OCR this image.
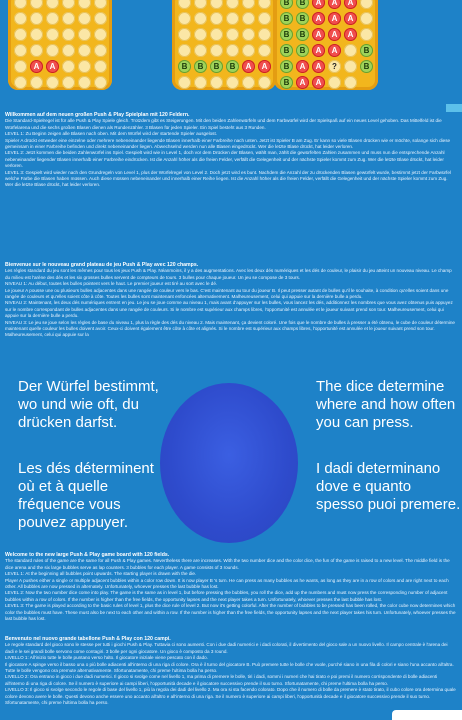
A	A	B	B	B	B	A	A
B	B	A	A	A
B	B	A	A	A
B	B	A	A	A
B	B	A	A	B
B	A	A	?	B
B	A	A
Willkommen auf dem neuen großen Push & Play Spielplan mit 120 Feldern.

Die Standard-Spielregel ist für alle Push & Play Spiele gleich. Trotzdem gibt es Steigerungen. Mit den beiden Zahlenwürfeln und dem Farbwürfel wird der Spielspaß auf ein neues Level gehoben. Das Mittelfeld ist die Würfelarena und die sechs großen Blasen dienen als Rundenzähler. 3 Blasen für jeden Spieler. Ein Spiel besteht aus 3 Runden.

LEVEL 1: Zu Beginn zeigen alle Blasen nach oben. Mit dem Würfel wird der startende Spieler ausgelost.

Spieler A drückt entweder eine einzelne oder mehrere nebeneinander liegende Blasen innerhalb einer Farbreihe nach unten. Jetzt ist Spieler B am Zug. Er kann so viele Blasen drücken wie er möchte, solange sich diese gemeinsam in einer Farbreihe befinden und direkt nebeneinander liegen. Abwechselnd werden nun alle Blasen eingedrückt. Wer die letzte Blase drückt, hat leider verloren.

LEVEL 2: Jetzt kommen die beiden Zahlenwürfel ins Spiel. Gespielt wird wie in Level 1, doch vor dem Drücken der Blasen, wählt man, zählt die gewürfelten Zahlen zusammen und muss nun die entsprechende Anzahl nebeneinander liegender Blasen innerhalb einer Farbreihe eindrücken. Ist die Anzahl höher als die freien Felder, verfällt die Gelegenheit und der nächste Spieler kommt zum Zug. Wer die letzte Blase drückt, hat leider verloren.

LEVEL 3: Gespielt wird wieder nach den Grundregeln von Level 1, plus der Würfelregel von Level 2. Doch jetzt wird es bunt. Nachdem die Anzahl der zu drückenden Blasen gewürfelt wurde, bestimmt jetzt der Farbwürfel welche Farbe die Blasen haben müssen. Auch diese müssen nebeneinander und innerhalb einer Reihe liegen. Ist die Anzahl höher als die freien Felder, verfällt die Gelegenheit und der nächste Spieler kommt zum Zug. Wer die letzte Blase drückt, hat leider verloren.

Bienvenue sur le nouveau grand plateau de jeu Push & Play avec 120 champs.

Les règles standard du jeu sont les mêmes pour tous les jeux Push & Play. Néanmoins, il y a des augmentations. Avec les deux dés numériques et les dés de couleur, le plaisir du jeu atteint un nouveau niveau. Le champ du milieu est l'arène des dés et les six grosses bulles servent de compteurs de tours. 3 bulles pour chaque joueur. Un jeu se compose de 3 tours.

NIVEAU 1: Au début, toutes les bulles pointent vers le haut. Le premier joueur est tiré au sort avec le dé.

Le joueur A pousse une ou plusieurs bulles adjacentes dans une rangée de couleur vers le bas. C'est maintenant au tour du joueur B. Il peut presser autant de bulles qu'il le souhaite, à condition qu'elles soient dans une rangée de couleurs et qu'elles soient côte à côte. Toutes les bulles sont maintenant enfoncées alternativement. Malheureusement, celui qui appuie sur la dernière bulle a perdu.

NIVEAU 2: Maintenant, les deux dés numériques entrent en jeu. Le jeu se joue comme au niveau 1, mais avant d'appuyer sur les bulles, vous lancez les dés, additionnez les nombres que vous avez obtenus puis appuyez sur le nombre correspondant de bulles adjacentes dans une rangée de couleurs. Si le nombre est supérieur aux champs libres, l'opportunité est annulée et le joueur suivant prend son tour. Malheureusement, celui qui appuie sur la dernière bulle a perdu.

NIVEAU 3: Le jeu se joue selon les règles de base du niveau 1, plus la règle des dés du niveau 2. Mais maintenant, ça devient coloré. Une fois que le nombre de bulles à presser a été obtenu, le cube de couleur détermine maintenant quelle couleur les bulles doivent avoir. Ceux-ci doivent également être côte à côte et alignés. Si le nombre est supérieur aux champs libres, l'opportunité est annulée et le joueur suivant prend son tour. Malheureusement, celui qui appuie sur la

Der Würfel bestimmt, wo und wie oft, du drücken darfst.
Les dés déterminent où et à quelle fréquence vous pouvez appuyer.
The dice determine where and how often you can press.
I dadi determinano dove e quanto spesso puoi premere.
Welcome to the new large Push & Play game board with 120 fields.

The standard rules of the game are the same for all Push & Play games. Nevertheless there are increases. With the two number dice and the color dice, the fun of the game is raised to a new level. The middle field is the dice arena and the six large bubbles serve as lap counters. 3 bubbles for each player. A game consists of 3 rounds.

LEVEL 1: At the beginning all bubbles point upwards. The starting player is drawn with the die.

Player A pushes either a single or multiple adjacent bubbles within a color row down. It is now player B 's turn. He can press as many bubbles as he wants, as long as they are in a row of colors and are right next to each other. All bubbles are now pressed in alternately. Unfortunately, whoever presses the last bubble has lost.

LEVEL 2: Now the two number dice come into play. The game is the same as in level 1, but before pressing the bubbles, you roll the dice, add up the numbers and must now press the corresponding number of adjacent bubbles within a row of colors. If the number is higher than the free fields, the opportunity lapses and the next player takes a turn. Unfortunately, whoever presses the last bubble has lost.

LEVEL 3: The game is played according to the basic rules of level 1, plus the dice rule of level 2. But now it's getting colorful. After the number of bubbles to be pressed has been rolled, the color cube now determines which color the bubbles must have. These must also be next to each other and within a row. If the number is higher than the free fields, the opportunity lapses and the next player takes his turn. Unfortunately, whoever presses the last bubble has lost.

Benvenuto nel nuovo grande tabellone Push & Play con 120 campi.

Le regole standard del gioco sono le stesse per tutti i giochi Push & Play. Tuttavia ci sono aumenti. Con i due dadi numerici e i dadi colorati, il divertimento del gioco sale a un nuovo livello. Il campo centrale è l'arena dei dadi e le sei grandi bolle servono come contagiri. 3 bolle per ogni giocatore. Un gioco è composto da 3 round.

LIVELLO 1: All'inizio tutte le bolle puntano verso l'alto. Il giocatore iniziale viene pescato con il dado.

Il giocatore A spinge verso il basso una o più bolle adiacenti all'interno di una riga di colore. Ora è il turno del giocatore B. Può premere tutte le bolle che vuole, purché siano in una fila di colori e siano l'una accanto all'altra. Tutte le bolle vengono ora premute alternativamente. Sfortunatamente, chi preme l'ultima bolla ha perso.

LIVELLO 2: Ora entrano in gioco i due dadi numerici. Il gioco si svolge come nel livello 1, ma prima di premere le bolle, tiri i dadi, sommi i numeri che hai tirato e poi premi il numero corrispondente di bolle adiacenti all'interno di una riga di colore. Se il numero è superiore ai campi liberi, l'opportunità decade e il giocatore successivo prende il suo turno. Sfortunatamente, chi preme l'ultima bolla ha perso.

LIVELLO 3: Il gioco si svolge secondo le regole di base del livello 1, più la regola dei dadi del livello 2. Ma ora si sta facendo colorato. Dopo che il numero di bolle da premere è stato tirato, il cubo colore ora determina quale colore devono avere le bolle. Questi devono anche essere uno accanto all'altro e all'interno di una riga. Se il numero è superiore ai campi liberi, l'opportunità decade e il giocatore successivo prende il suo turno. Sfortunatamente, chi preme l'ultima bolla ha perso.
